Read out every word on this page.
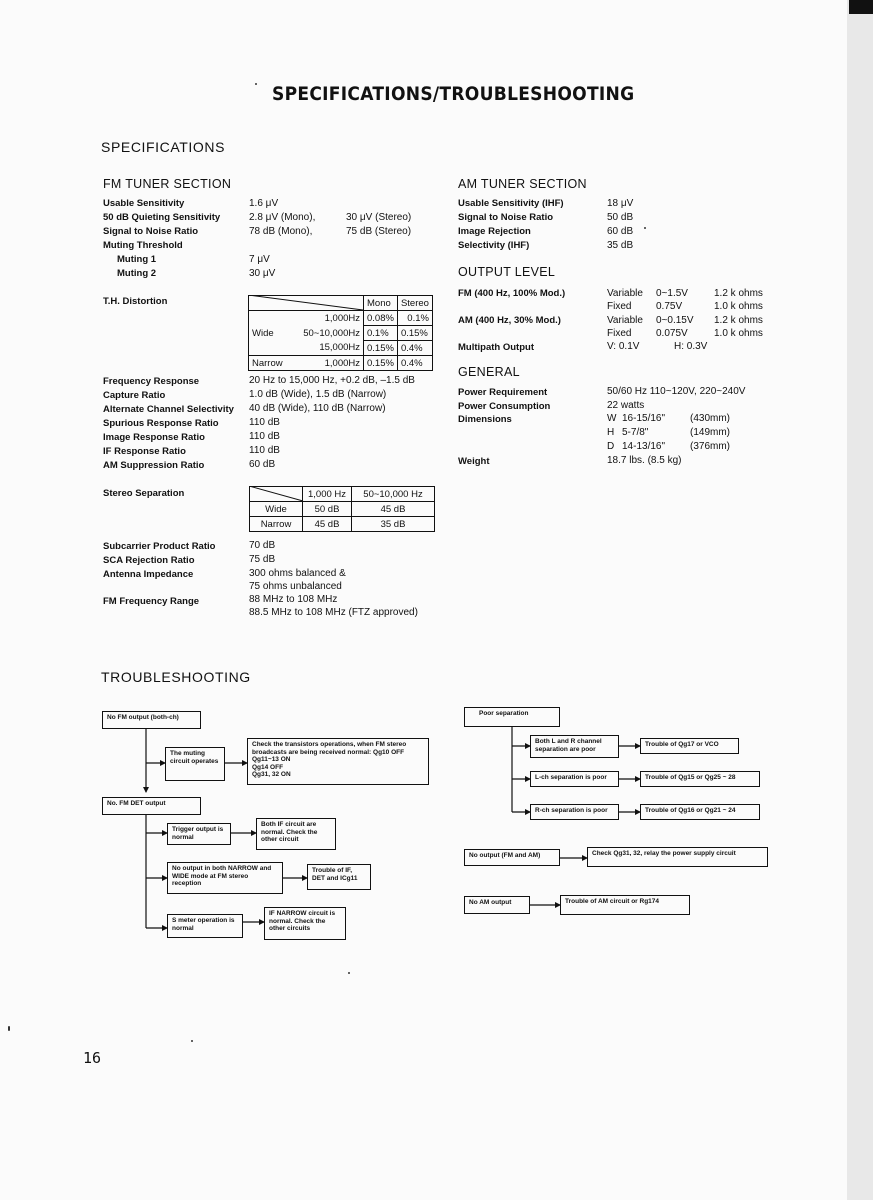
SPECIFICATIONS/TROUBLESHOOTING
SPECIFICATIONS
FM TUNER SECTION
Usable Sensitivity	1.6 μV
50 dB Quieting Sensitivity	2.8 μV (Mono),	30 μV (Stereo)
Signal to Noise Ratio	78 dB (Mono),	75 dB (Stereo)
Muting Threshold
Muting 1	7 μV
Muting 2	30 μV
T.H. Distortion
		Mono	Stereo
Wide	1,000Hz	0.08%	0.1%
	50~10,000Hz	0.1%	0.15%
	15,000Hz	0.15%	0.4%
Narrow	1,000Hz	0.15%	0.4%
Frequency Response	20 Hz to 15,000 Hz, +0.2 dB, –1.5 dB
Capture Ratio	1.0 dB (Wide), 1.5 dB (Narrow)
Alternate Channel Selectivity 40 dB (Wide), 110 dB (Narrow)
Spurious Response Ratio	110 dB
Image Response Ratio	110 dB
IF Response Ratio	110 dB
AM Suppression Ratio	60 dB
Stereo Separation
		1,000 Hz	50~10,000 Hz
Wide	50 dB	45 dB
Narrow	45 dB	35 dB
Subcarrier Product Ratio	70 dB
SCA Rejection Ratio	75 dB
Antenna Impedance	300 ohms balanced &
75 ohms unbalanced
FM Frequency Range	88 MHz to 108 MHz
88.5 MHz to 108 MHz (FTZ approved)
AM TUNER SECTION
Usable Sensitivity (IHF)	18 μV
Signal to Noise Ratio	50 dB
Image Rejection	60 dB
Selectivity (IHF)	35 dB
OUTPUT LEVEL
FM (400 Hz, 100% Mod.)	Variable 0~1.5V	1.2 k ohms
Fixed 0.75V	1.0 k ohms
AM (400 Hz, 30% Mod.)	Variable 0~0.15V 1.2 k ohms
Fixed 0.075V	1.0 k ohms
Multipath Output	V: 0.1V	H: 0.3V
GENERAL
Power Requirement	50/60 Hz 110~120V, 220~240V
Power Consumption	22 watts
Dimensions	W 16-15/16" (430mm)
H 5-7/8"	(149mm)
D 14-13/16" (376mm)
Weight	18.7 lbs. (8.5 kg)
TROUBLESHOOTING
No FM output (both-ch)
The muting circuit operates
Check the transistors operations, when FM stereo broadcasts are being received normal: Qg10 OFF
Qg11~13 ON
Qg14 OFF
Qg31, 32 ON
No. FM DET output
Trigger output is normal
Both IF circuit are normal. Check the other circuit
No output in both NARROW and WIDE mode at FM stereo reception
Trouble of IF, DET and ICg11
S meter operation is normal
IF NARROW circuit is normal. Check the other circuits
Poor separation
Both L and R channel separation are poor
Trouble of Qg17 or VCO
L-ch separation is poor	Trouble of Qg15 or Qg25 ~ 28
R-ch separation is poor	Trouble of Qg16 or Qg21 ~ 24
No output (FM and AM)	Check Qg31, 32, relay the power supply circuit
No AM output	Trouble of AM circuit or Rg174
16
